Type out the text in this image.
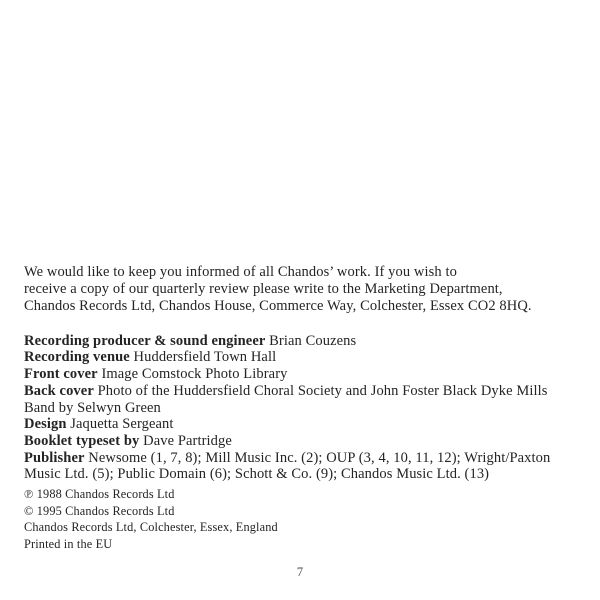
We would like to keep you informed of all Chandos’ work. If you wish to
receive a copy of our quarterly review please write to the Marketing Department,
Chandos Records Ltd, Chandos House, Commerce Way, Colchester, Essex CO2 8HQ.

Recording producer & sound engineer Brian Couzens
Recording venue Huddersfield Town Hall
Front cover Image Comstock Photo Library
Back cover Photo of the Huddersfield Choral Society and John Foster Black Dyke Mills Band by Selwyn Green
Design Jaquetta Sergeant
Booklet typeset by Dave Partridge
Publisher Newsome (1, 7, 8); Mill Music Inc. (2); OUP (3, 4, 10, 11, 12); Wright/Paxton Music Ltd. (5); Public Domain (6); Schott & Co. (9); Chandos Music Ltd. (13)
℗ 1988 Chandos Records Ltd
© 1995 Chandos Records Ltd
Chandos Records Ltd, Colchester, Essex, England
Printed in the EU
7
